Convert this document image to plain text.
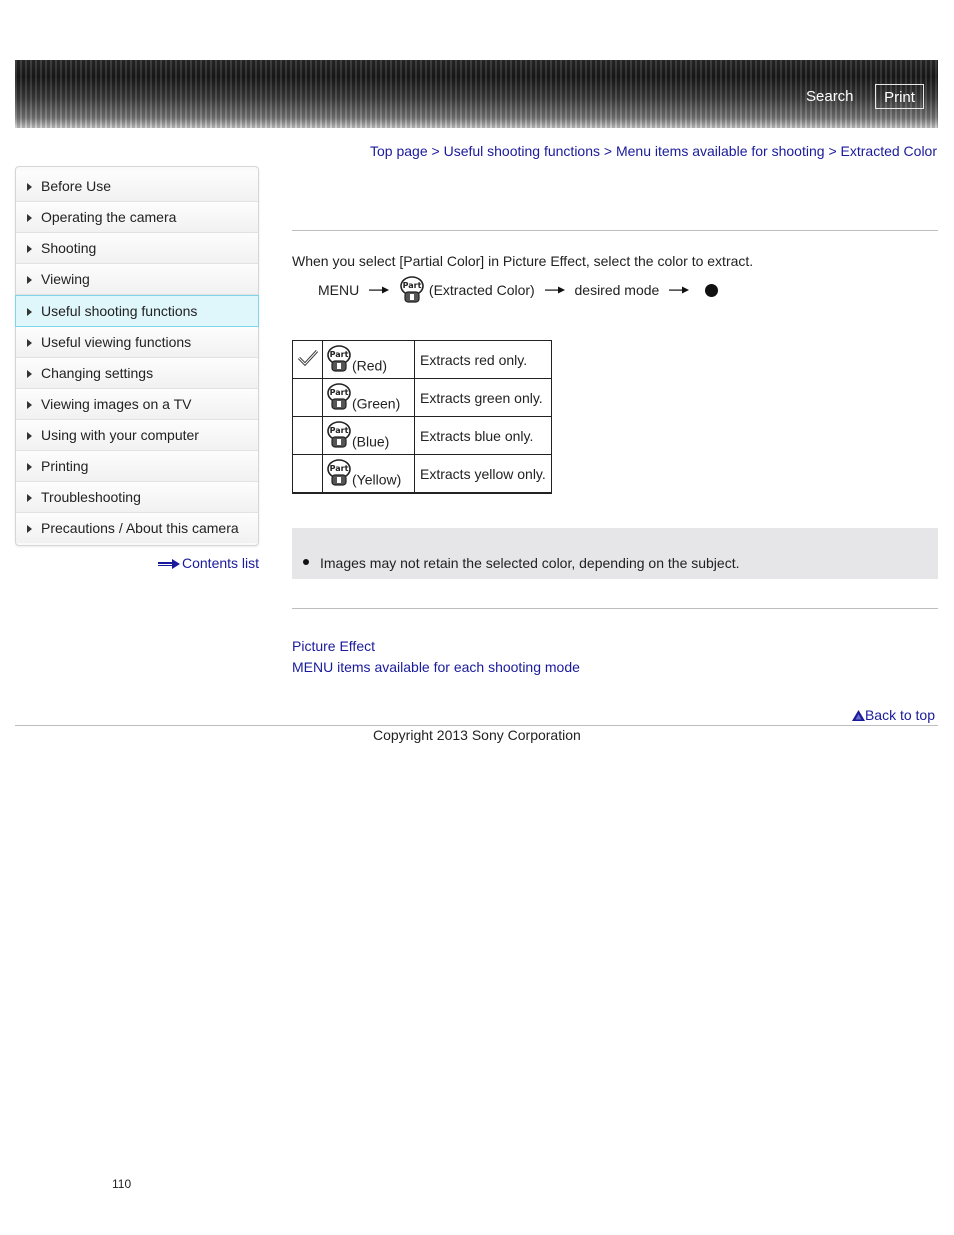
Search	Print
Top page > Useful shooting functions > Menu items available for shooting > Extracted Color
Before Use
Operating the camera
Shooting
Viewing
Useful shooting functions
Useful viewing functions
Changing settings
Viewing images on a TV
Using with your computer
Printing
Troubleshooting
Precautions / About this camera
Contents list
When you select [Partial Color] in Picture Effect, select the color to extract.
MENU	Part (Extracted Color)	desired mode

Part
(Red)	Extracts red only.

Part
(Green)	Extracts green only.

Part
(Blue)	Extracts blue only.

Part
(Yellow)	Extracts yellow only.
Images may not retain the selected color, depending on the subject.
Picture Effect
MENU items available for each shooting mode
Back to top
Copyright 2013 Sony Corporation
110
